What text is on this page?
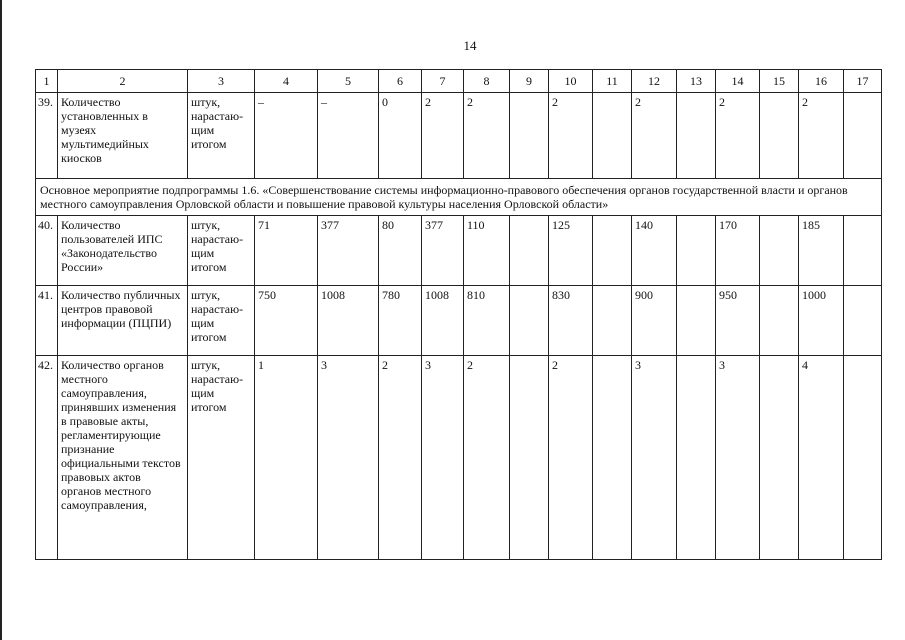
14
1	2	3	4	5	6	7	8	9	10	11	12	13	14	15	16	17
39.	Количество установленных в музеях мультимедийных киосков	штук, нарастаю-щим итогом	–	–	0	2	2		2		2		2		2	
Основное мероприятие подпрограммы 1.6. «Совершенствование системы информационно-правового обеспечения органов государственной власти и органов местного самоуправления Орловской области и повышение правовой культуры населения Орловской области»																
40.	Количество пользователей ИПС «Законодательство России»	штук, нарастаю-щим итогом	71	377	80	377	110		125		140		170		185	
41.	Количество публичных центров правовой информации (ПЦПИ)	штук, нарастаю-щим итогом	750	1008	780	1008	810		830		900		950		1000	
42.	Количество органов местного самоуправления, принявших изменения в правовые акты, регламентирующие признание официальными текстов правовых актов органов местного самоуправления,	штук, нарастаю-щим итогом	1	3	2	3	2		2		3		3		4	
